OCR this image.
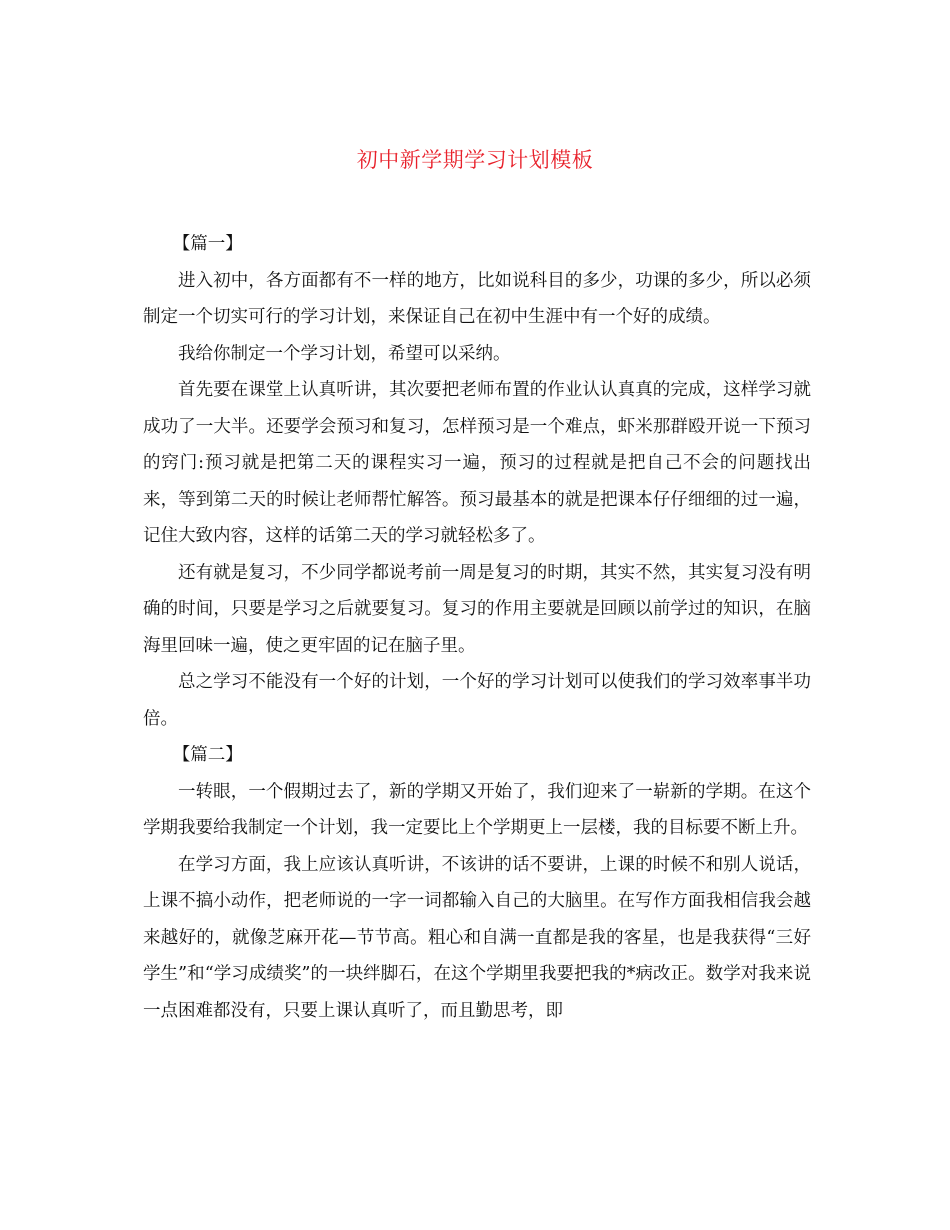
初中新学期学习计划模板

【篇一】

进入初中，各方面都有不一样的地方，比如说科目的多少，功课的多少，所以必须制定一个切实可行的学习计划，来保证自己在初中生涯中有一个好的成绩。

我给你制定一个学习计划，希望可以采纳。

首先要在课堂上认真听讲，其次要把老师布置的作业认认真真的完成，这样学习就成功了一大半。还要学会预习和复习，怎样预习是一个难点，虾米那群殴开说一下预习的窍门:预习就是把第二天的课程实习一遍，预习的过程就是把自己不会的问题找出来，等到第二天的时候让老师帮忙解答。预习最基本的就是把课本仔仔细细的过一遍，记住大致内容，这样的话第二天的学习就轻松多了。

还有就是复习，不少同学都说考前一周是复习的时期，其实不然，其实复习没有明确的时间，只要是学习之后就要复习。复习的作用主要就是回顾以前学过的知识，在脑海里回味一遍，使之更牢固的记在脑子里。

总之学习不能没有一个好的计划，一个好的学习计划可以使我们的学习效率事半功倍。

【篇二】

一转眼，一个假期过去了，新的学期又开始了，我们迎来了一崭新的学期。在这个学期我要给我制定一个计划，我一定要比上个学期更上一层楼，我的目标要不断上升。

在学习方面，我上应该认真听讲，不该讲的话不要讲，上课的时候不和别人说话，上课不搞小动作，把老师说的一字一词都输入自己的大脑里。在写作方面我相信我会越来越好的，就像芝麻开花—节节高。粗心和自满一直都是我的客星，也是我获得“三好学生”和“学习成绩奖”的一块绊脚石，在这个学期里我要把我的*病改正。数学对我来说一点困难都没有，只要上课认真听了，而且勤思考，即
